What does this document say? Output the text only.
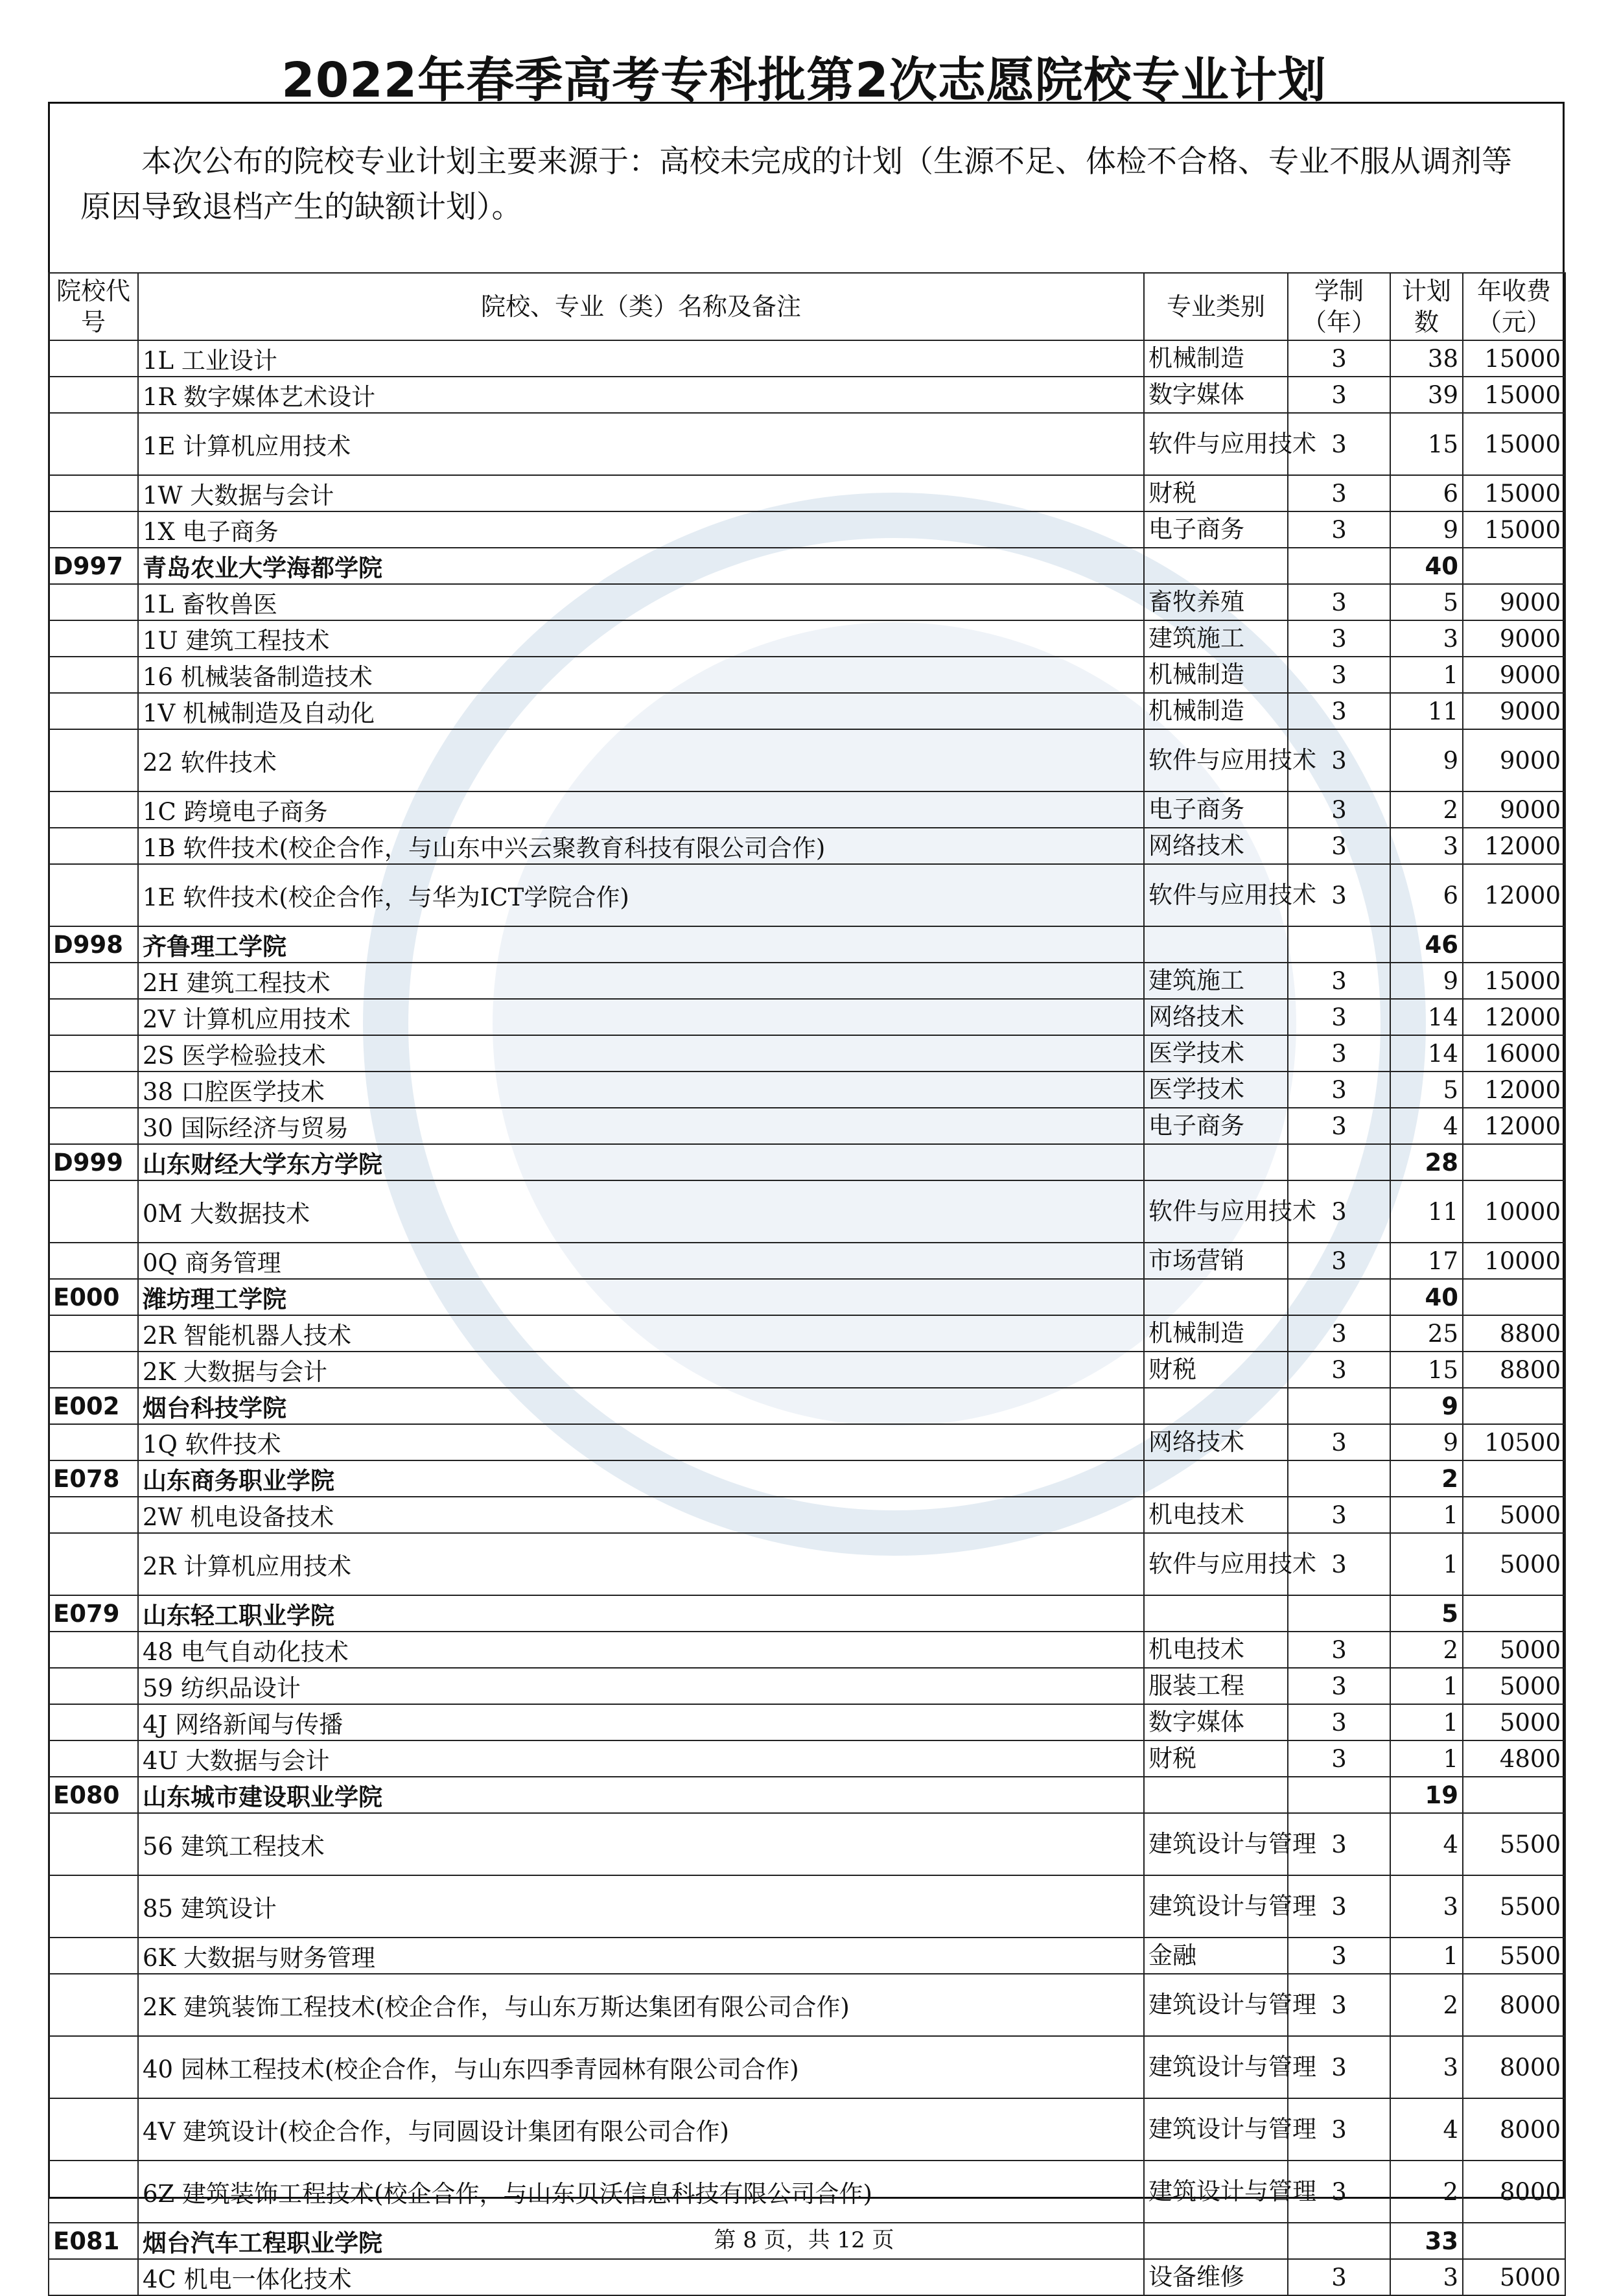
2022年春季高考专科批第2次志愿院校专业计划
本次公布的院校专业计划主要来源于：高校未完成的计划（生源不足、体检不合格、专业不服从调剂等原因导致退档产生的缺额计划）。
院校代号	院校、专业（类）名称及备注	专业类别	学制（年）	计划数	年收费（元）
	1L 工业设计	机械制造	3	38	15000
	1R 数字媒体艺术设计	数字媒体	3	39	15000
	1E 计算机应用技术	软件与应用技术	3	15	15000
	1W 大数据与会计	财税	3	6	15000
	1X 电子商务	电子商务	3	9	15000
D997	青岛农业大学海都学院			40	
	1L 畜牧兽医	畜牧养殖	3	5	9000
	1U 建筑工程技术	建筑施工	3	3	9000
	16 机械装备制造技术	机械制造	3	1	9000
	1V 机械制造及自动化	机械制造	3	11	9000
	22 软件技术	软件与应用技术	3	9	9000
	1C 跨境电子商务	电子商务	3	2	9000
	1B 软件技术(校企合作，与山东中兴云聚教育科技有限公司合作)	网络技术	3	3	12000
	1E 软件技术(校企合作，与华为ICT学院合作)	软件与应用技术	3	6	12000
D998	齐鲁理工学院			46	
	2H 建筑工程技术	建筑施工	3	9	15000
	2V 计算机应用技术	网络技术	3	14	12000
	2S 医学检验技术	医学技术	3	14	16000
	38 口腔医学技术	医学技术	3	5	12000
	30 国际经济与贸易	电子商务	3	4	12000
D999	山东财经大学东方学院			28	
	0M 大数据技术	软件与应用技术	3	11	10000
	0Q 商务管理	市场营销	3	17	10000
E000	潍坊理工学院			40	
	2R 智能机器人技术	机械制造	3	25	8800
	2K 大数据与会计	财税	3	15	8800
E002	烟台科技学院			9	
	1Q 软件技术	网络技术	3	9	10500
E078	山东商务职业学院			2	
	2W 机电设备技术	机电技术	3	1	5000
	2R 计算机应用技术	软件与应用技术	3	1	5000
E079	山东轻工职业学院			5	
	48 电气自动化技术	机电技术	3	2	5000
	59 纺织品设计	服装工程	3	1	5000
	4J 网络新闻与传播	数字媒体	3	1	5000
	4U 大数据与会计	财税	3	1	4800
E080	山东城市建设职业学院			19	
	56 建筑工程技术	建筑设计与管理	3	4	5500
	85 建筑设计	建筑设计与管理	3	3	5500
	6K 大数据与财务管理	金融	3	1	5500
	2K 建筑装饰工程技术(校企合作，与山东万斯达集团有限公司合作)	建筑设计与管理	3	2	8000
	40 园林工程技术(校企合作，与山东四季青园林有限公司合作)	建筑设计与管理	3	3	8000
	4V 建筑设计(校企合作，与同圆设计集团有限公司合作)	建筑设计与管理	3	4	8000
	6Z 建筑装饰工程技术(校企合作，与山东贝沃信息科技有限公司合作)	建筑设计与管理	3	2	8000
E081	烟台汽车工程职业学院			33	
	4C 机电一体化技术	设备维修	3	3	5000
第 8 页，共 12 页
